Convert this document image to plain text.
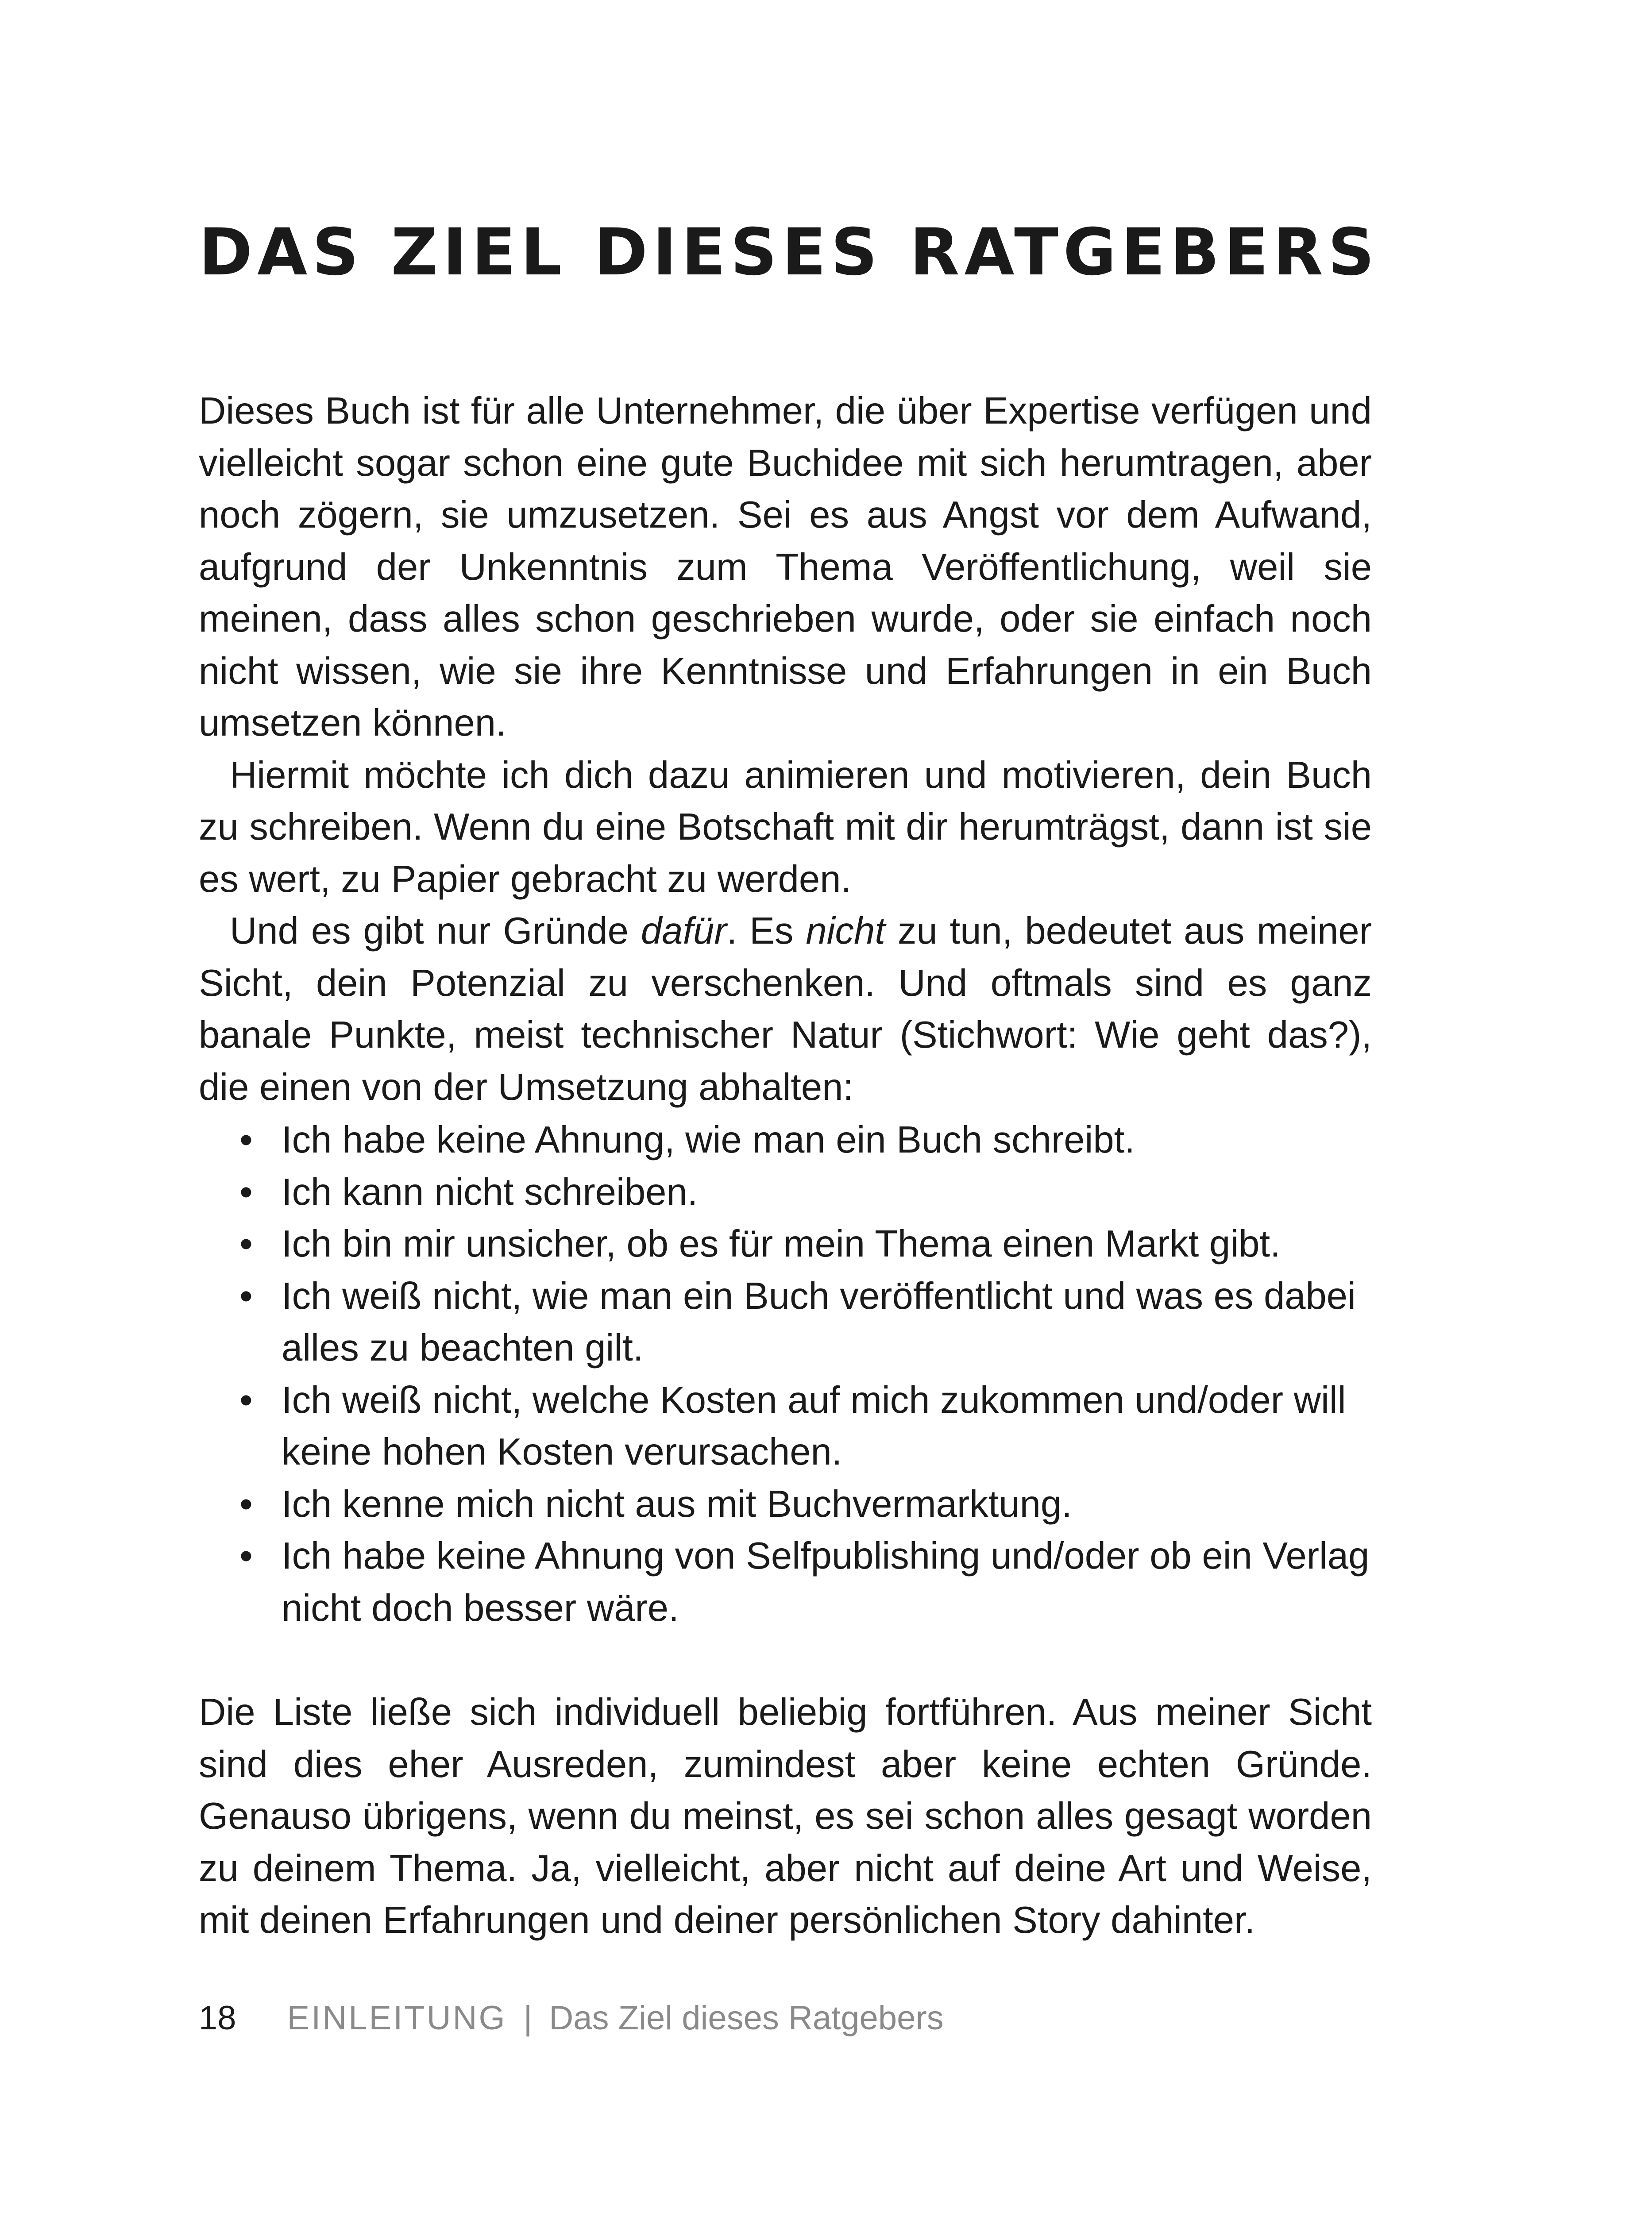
DAS ZIEL DIESES RATGEBERS

Dieses Buch ist für alle Unternehmer, die über Expertise verfügen und vielleicht sogar schon eine gute Buchidee mit sich herumtragen, aber noch zögern, sie umzusetzen. Sei es aus Angst vor dem Aufwand, aufgrund der Unkenntnis zum Thema Veröffentlichung, weil sie meinen, dass alles schon geschrieben wurde, oder sie einfach noch nicht wissen, wie sie ihre Kenntnisse und Erfahrungen in ein Buch umsetzen können.

Hiermit möchte ich dich dazu animieren und motivieren, dein Buch zu schreiben. Wenn du eine Botschaft mit dir herumträgst, dann ist sie es wert, zu Papier gebracht zu werden.

Und es gibt nur Gründe dafür. Es nicht zu tun, bedeutet aus meiner Sicht, dein Potenzial zu verschenken. Und oftmals sind es ganz banale Punkte, meist technischer Natur (Stichwort: Wie geht das?), die einen von der Umsetzung abhalten:

• Ich habe keine Ahnung, wie man ein Buch schreibt.
• Ich kann nicht schreiben.
• Ich bin mir unsicher, ob es für mein Thema einen Markt gibt.
• Ich weiß nicht, wie man ein Buch veröffentlicht und was es dabei alles zu beachten gilt.
• Ich weiß nicht, welche Kosten auf mich zukommen und/oder will keine hohen Kosten verursachen.
• Ich kenne mich nicht aus mit Buchvermarktung.
• Ich habe keine Ahnung von Selfpublishing und/oder ob ein Verlag nicht doch besser wäre.

Die Liste ließe sich individuell beliebig fortführen. Aus meiner Sicht sind dies eher Ausreden, zumindest aber keine echten Gründe. Genauso übrigens, wenn du meinst, es sei schon alles gesagt worden zu deinem Thema. Ja, vielleicht, aber nicht auf deine Art und Weise, mit deinen Erfahrungen und deiner persönlichen Story dahinter.

18 EINLEITUNG | Das Ziel dieses Ratgebers
